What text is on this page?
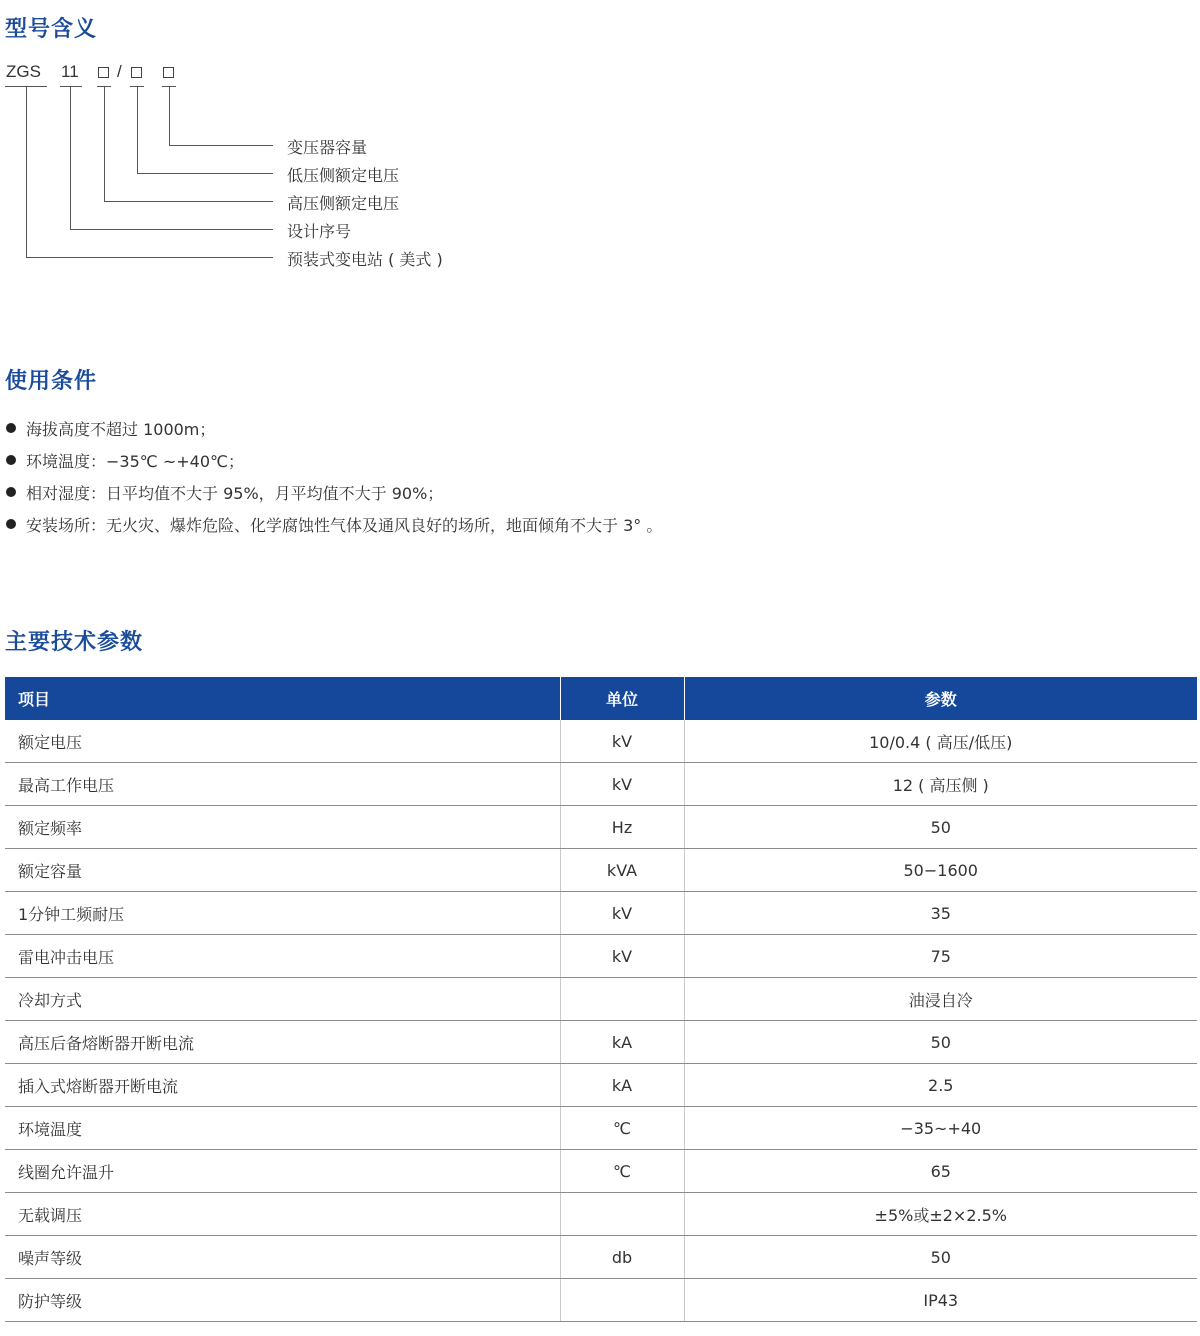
型号含义
ZGS 11 /
变压器容量
低压侧额定电压
高压侧额定电压
设计序号
预装式变电站 ( 美式 )
使用条件
海拔高度不超过 1000m；
环境温度：−35℃ ~+40℃；
相对湿度：日平均值不大于 95%，月平均值不大于 90%；
安装场所：无火灾、爆炸危险、化学腐蚀性气体及通风良好的场所，地面倾角不大于 3° 。
主要技术参数
项目	单位	参数
额定电压	kV	10/0.4 ( 高压/低压)
最高工作电压	kV	12 ( 高压侧 )
额定频率	Hz	50
额定容量	kVA	50−1600
1分钟工频耐压	kV	35
雷电冲击电压	kV	75
冷却方式		油浸自冷
高压后备熔断器开断电流	kA	50
插入式熔断器开断电流	kA	2.5
环境温度	℃	−35~+40
线圈允许温升	℃	65
无载调压		±5%或±2×2.5%
噪声等级	db	50
防护等级		IP43
